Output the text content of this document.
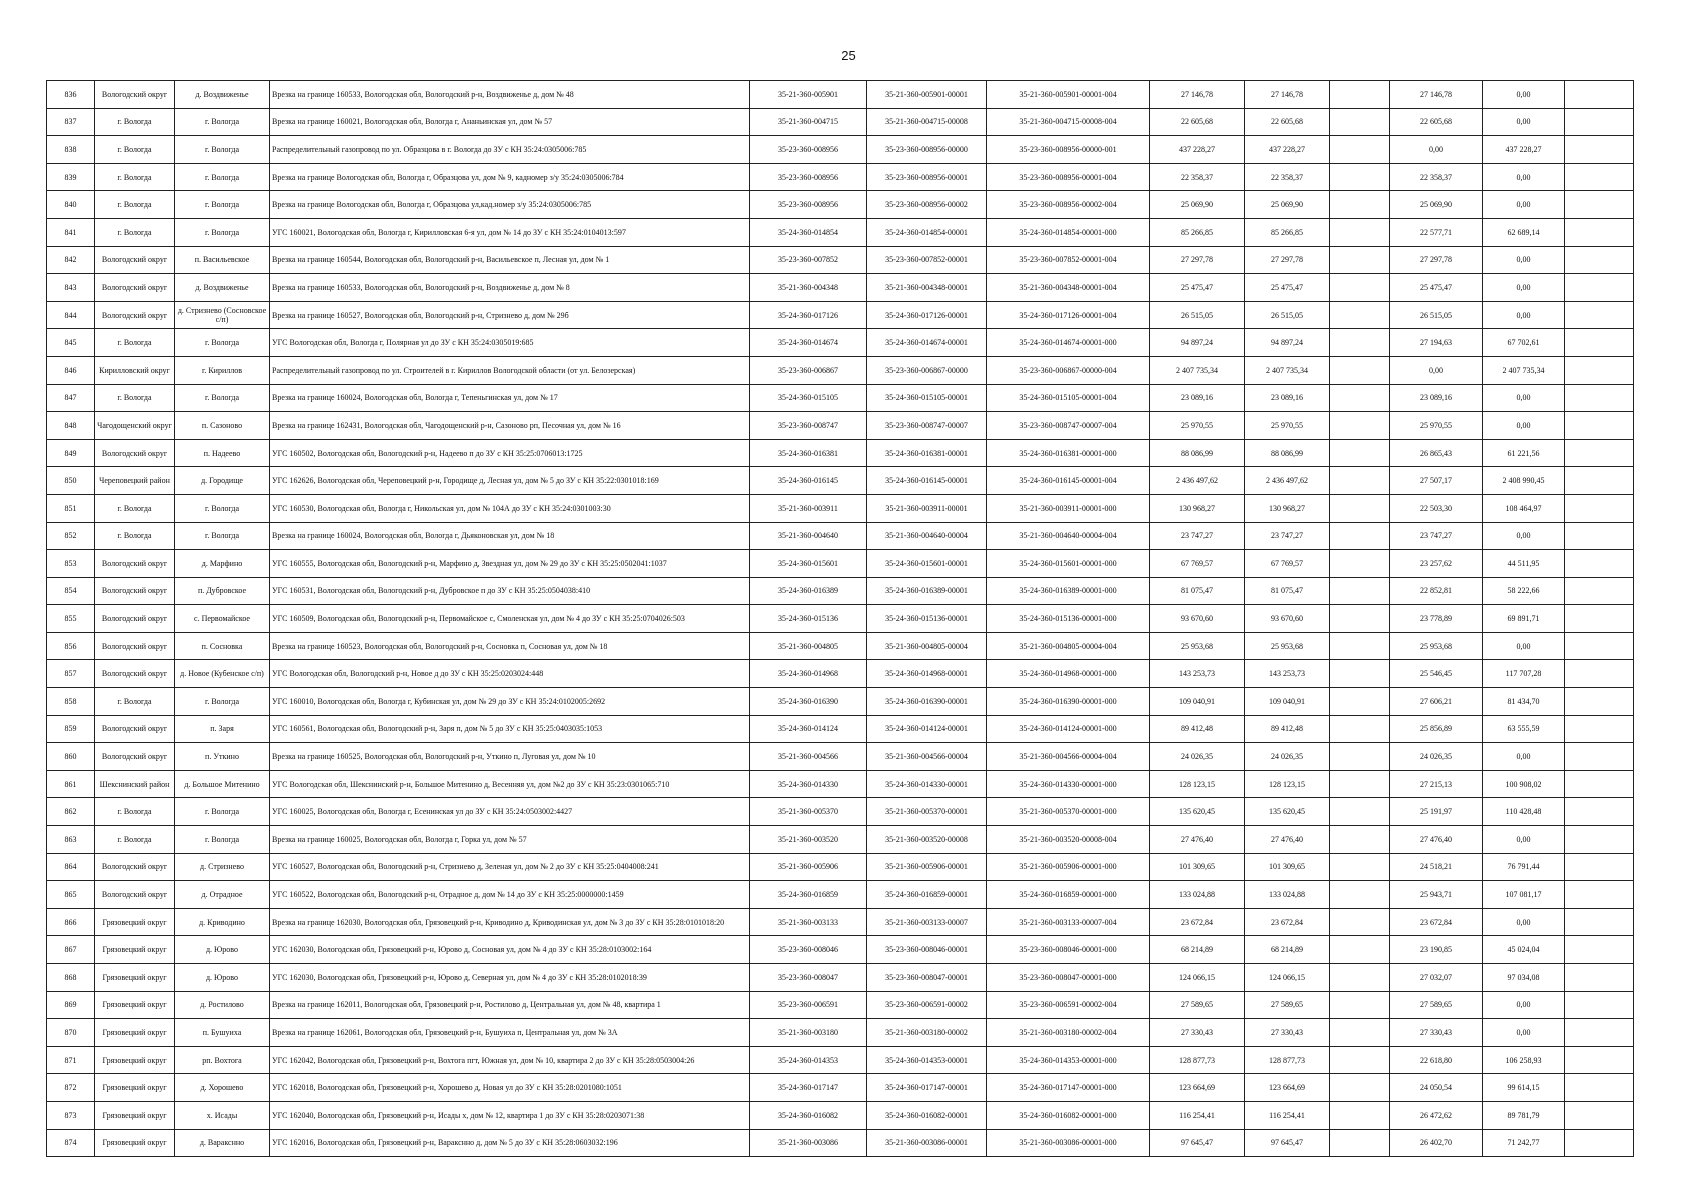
25
836	Вологодский округ	д. Воздвиженье	Врезка на границе 160533, Вологодская обл, Вологодский р-н, Воздвиженье д, дом № 48	35-21-360-005901	35-21-360-005901-00001	35-21-360-005901-00001-004	27 146,78	27 146,78		27 146,78	0,00	
837	г. Вологда	г. Вологда	Врезка на границе 160021, Вологодская обл, Вологда г, Ананьинская ул, дом № 57	35-21-360-004715	35-21-360-004715-00008	35-21-360-004715-00008-004	22 605,68	22 605,68		22 605,68	0,00	
838	г. Вологда	г. Вологда	Распределительный газопровод по ул. Образцова в г. Вологда до ЗУ с КН 35:24:0305006:785	35-23-360-008956	35-23-360-008956-00000	35-23-360-008956-00000-001	437 228,27	437 228,27		0,00	437 228,27	
839	г. Вологда	г. Вологда	Врезка на границе Вологодская обл, Вологда г, Образцова ул, дом № 9, кадномер з/у 35:24:0305006:784	35-23-360-008956	35-23-360-008956-00001	35-23-360-008956-00001-004	22 358,37	22 358,37		22 358,37	0,00	
840	г. Вологда	г. Вологда	Врезка на границе Вологодская обл, Вологда г, Образцова ул,кад.номер з/у 35:24:0305006:785	35-23-360-008956	35-23-360-008956-00002	35-23-360-008956-00002-004	25 069,90	25 069,90		25 069,90	0,00	
841	г. Вологда	г. Вологда	УГС 160021, Вологодская обл, Вологда г, Кирилловская 6-я ул, дом № 14 до ЗУ с КН 35:24:0104013:597	35-24-360-014854	35-24-360-014854-00001	35-24-360-014854-00001-000	85 266,85	85 266,85		22 577,71	62 689,14	
842	Вологодский округ	п. Васильевское	Врезка на границе 160544, Вологодская обл, Вологодский р-н, Васильевское п, Лесная ул, дом № 1	35-23-360-007852	35-23-360-007852-00001	35-23-360-007852-00001-004	27 297,78	27 297,78		27 297,78	0,00	
843	Вологодский округ	д. Воздвиженье	Врезка на границе 160533, Вологодская обл, Вологодский р-н, Воздвиженье д, дом № 8	35-21-360-004348	35-21-360-004348-00001	35-21-360-004348-00001-004	25 475,47	25 475,47		25 475,47	0,00	
844	Вологодский округ	д. Стризнево (Сосновское с/п)	Врезка на границе 160527, Вологодская обл, Вологодский р-н, Стризнево д, дом № 29б	35-24-360-017126	35-24-360-017126-00001	35-24-360-017126-00001-004	26 515,05	26 515,05		26 515,05	0,00	
845	г. Вологда	г. Вологда	УГС Вологодская обл, Вологда г, Полярная ул до ЗУ с КН 35:24:0305019:685	35-24-360-014674	35-24-360-014674-00001	35-24-360-014674-00001-000	94 897,24	94 897,24		27 194,63	67 702,61	
846	Кирилловский округ	г. Кириллов	Распределительный газопровод по ул. Строителей в г. Кириллов Вологодской области (от ул. Белозерская)	35-23-360-006867	35-23-360-006867-00000	35-23-360-006867-00000-004	2 407 735,34	2 407 735,34		0,00	2 407 735,34	
847	г. Вологда	г. Вологда	Врезка на границе 160024, Вологодская обл, Вологда г, Тепеньгинская ул, дом № 17	35-24-360-015105	35-24-360-015105-00001	35-24-360-015105-00001-004	23 089,16	23 089,16		23 089,16	0,00	
848	Чагодощенский округ	п. Сазоново	Врезка на границе 162431, Вологодская обл, Чагодощенский р-н, Сазоново рп, Песочная ул, дом № 16	35-23-360-008747	35-23-360-008747-00007	35-23-360-008747-00007-004	25 970,55	25 970,55		25 970,55	0,00	
849	Вологодский округ	п. Надеево	УГС 160502, Вологодская обл, Вологодский р-н, Надеево п до ЗУ с КН 35:25:0706013:1725	35-24-360-016381	35-24-360-016381-00001	35-24-360-016381-00001-000	88 086,99	88 086,99		26 865,43	61 221,56	
850	Череповецкий район	д. Городище	УГС 162626, Вологодская обл, Череповецкий р-н, Городище д, Лесная ул, дом № 5 до ЗУ с КН 35:22:0301018:169	35-24-360-016145	35-24-360-016145-00001	35-24-360-016145-00001-004	2 436 497,62	2 436 497,62		27 507,17	2 408 990,45	
851	г. Вологда	г. Вологда	УГС 160530, Вологодская обл, Вологда г, Никольская ул, дом № 104А до ЗУ с КН 35:24:0301003:30	35-21-360-003911	35-21-360-003911-00001	35-21-360-003911-00001-000	130 968,27	130 968,27		22 503,30	108 464,97	
852	г. Вологда	г. Вологда	Врезка на границе 160024, Вологодская обл, Вологда г, Дьяконовская ул, дом № 18	35-21-360-004640	35-21-360-004640-00004	35-21-360-004640-00004-004	23 747,27	23 747,27		23 747,27	0,00	
853	Вологодский округ	д. Марфино	УГС 160555, Вологодская обл, Вологодский р-н, Марфино д, Звездная ул, дом № 29 до ЗУ с КН 35:25:0502041:1037	35-24-360-015601	35-24-360-015601-00001	35-24-360-015601-00001-000	67 769,57	67 769,57		23 257,62	44 511,95	
854	Вологодский округ	п. Дубровское	УГС 160531, Вологодская обл, Вологодский р-н, Дубровское п до ЗУ с КН 35:25:0504038:410	35-24-360-016389	35-24-360-016389-00001	35-24-360-016389-00001-000	81 075,47	81 075,47		22 852,81	58 222,66	
855	Вологодский округ	с. Первомайское	УГС 160509, Вологодская обл, Вологодский р-н, Первомайское с, Смоленская ул, дом № 4 до ЗУ с КН 35:25:0704026:503	35-24-360-015136	35-24-360-015136-00001	35-24-360-015136-00001-000	93 670,60	93 670,60		23 778,89	69 891,71	
856	Вологодский округ	п. Сосновка	Врезка на границе 160523, Вологодская обл, Вологодский р-н, Сосновка п, Сосновая ул, дом № 18	35-21-360-004805	35-21-360-004805-00004	35-21-360-004805-00004-004	25 953,68	25 953,68		25 953,68	0,00	
857	Вологодский округ	д. Новое (Кубенское с/п)	УГС Вологодская обл, Вологодский р-н, Новое д до ЗУ с КН 35:25:0203024:448	35-24-360-014968	35-24-360-014968-00001	35-24-360-014968-00001-000	143 253,73	143 253,73		25 546,45	117 707,28	
858	г. Вологда	г. Вологда	УГС 160010, Вологодская обл, Вологда г, Кубинская ул, дом № 29 до ЗУ с КН 35:24:0102005:2692	35-24-360-016390	35-24-360-016390-00001	35-24-360-016390-00001-000	109 040,91	109 040,91		27 606,21	81 434,70	
859	Вологодский округ	п. Заря	УГС 160561, Вологодская обл, Вологодский р-н, Заря п, дом № 5 до ЗУ с КН 35:25:0403035:1053	35-24-360-014124	35-24-360-014124-00001	35-24-360-014124-00001-000	89 412,48	89 412,48		25 856,89	63 555,59	
860	Вологодский округ	п. Уткино	Врезка на границе 160525, Вологодская обл, Вологодский р-н, Уткино п, Луговая ул, дом № 10	35-21-360-004566	35-21-360-004566-00004	35-21-360-004566-00004-004	24 026,35	24 026,35		24 026,35	0,00	
861	Шекснинский район	д. Большое Митенино	УГС Вологодская обл, Шекснинский р-н, Большое Митенино д, Весенняя ул, дом №2 до ЗУ с КН 35:23:0301065:710	35-24-360-014330	35-24-360-014330-00001	35-24-360-014330-00001-000	128 123,15	128 123,15		27 215,13	100 908,02	
862	г. Вологда	г. Вологда	УГС 160025, Вологодская обл, Вологда г, Есенинская ул до ЗУ с КН 35:24:0503002:4427	35-21-360-005370	35-21-360-005370-00001	35-21-360-005370-00001-000	135 620,45	135 620,45		25 191,97	110 428,48	
863	г. Вологда	г. Вологда	Врезка на границе 160025, Вологодская обл, Вологда г, Горка ул, дом № 57	35-21-360-003520	35-21-360-003520-00008	35-21-360-003520-00008-004	27 476,40	27 476,40		27 476,40	0,00	
864	Вологодский округ	д. Стризнево	УГС 160527, Вологодская обл, Вологодский р-н, Стризнево д, Зеленая ул, дом № 2 до ЗУ с КН 35:25:0404008:241	35-21-360-005906	35-21-360-005906-00001	35-21-360-005906-00001-000	101 309,65	101 309,65		24 518,21	76 791,44	
865	Вологодский округ	д. Отрадное	УГС 160522, Вологодская обл, Вологодский р-н, Отрадное д, дом № 14 до ЗУ с КН 35:25:0000000:1459	35-24-360-016859	35-24-360-016859-00001	35-24-360-016859-00001-000	133 024,88	133 024,88		25 943,71	107 081,17	
866	Грязовецкий округ	д. Криводино	Врезка на границе 162030, Вологодская обл, Грязовецкий р-н, Криводино д, Криводинская ул, дом № 3 до ЗУ с КН 35:28:0101018:20	35-21-360-003133	35-21-360-003133-00007	35-21-360-003133-00007-004	23 672,84	23 672,84		23 672,84	0,00	
867	Грязовецкий округ	д. Юрово	УГС 162030, Вологодская обл, Грязовецкий р-н, Юрово д, Сосновая ул, дом № 4 до ЗУ с КН 35:28:0103002:164	35-23-360-008046	35-23-360-008046-00001	35-23-360-008046-00001-000	68 214,89	68 214,89		23 190,85	45 024,04	
868	Грязовецкий округ	д. Юрово	УГС 162030, Вологодская обл, Грязовецкий р-н, Юрово д, Северная ул, дом № 4 до ЗУ с КН 35:28:0102018:39	35-23-360-008047	35-23-360-008047-00001	35-23-360-008047-00001-000	124 066,15	124 066,15		27 032,07	97 034,08	
869	Грязовецкий округ	д. Ростилово	Врезка на границе 162011, Вологодская обл, Грязовецкий р-н, Ростилово д, Центральная ул, дом № 48, квартира 1	35-23-360-006591	35-23-360-006591-00002	35-23-360-006591-00002-004	27 589,65	27 589,65		27 589,65	0,00	
870	Грязовецкий округ	п. Бушуиха	Врезка на границе 162061, Вологодская обл, Грязовецкий р-н, Бушуиха п, Центральная ул, дом № 3А	35-21-360-003180	35-21-360-003180-00002	35-21-360-003180-00002-004	27 330,43	27 330,43		27 330,43	0,00	
871	Грязовецкий округ	рп. Вохтога	УГС 162042, Вологодская обл, Грязовецкий р-н, Вохтога пгт, Южная ул, дом № 10, квартира 2 до ЗУ с КН 35:28:0503004:26	35-24-360-014353	35-24-360-014353-00001	35-24-360-014353-00001-000	128 877,73	128 877,73		22 618,80	106 258,93	
872	Грязовецкий округ	д. Хорошево	УГС 162018, Вологодская обл, Грязовецкий р-н, Хорошево д, Новая ул до ЗУ с КН 35:28:0201080:1051	35-24-360-017147	35-24-360-017147-00001	35-24-360-017147-00001-000	123 664,69	123 664,69		24 050,54	99 614,15	
873	Грязовецкий округ	х. Исады	УГС 162040, Вологодская обл, Грязовецкий р-н, Исады х, дом № 12, квартира 1 до ЗУ с КН 35:28:0203071:38	35-24-360-016082	35-24-360-016082-00001	35-24-360-016082-00001-000	116 254,41	116 254,41		26 472,62	89 781,79	
874	Грязовецкий округ	д. Варакснно	УГС 162016, Вологодская обл, Грязовецкий р-н, Варакснно д, дом № 5 до ЗУ с КН 35:28:0603032:196	35-21-360-003086	35-21-360-003086-00001	35-21-360-003086-00001-000	97 645,47	97 645,47		26 402,70	71 242,77	
